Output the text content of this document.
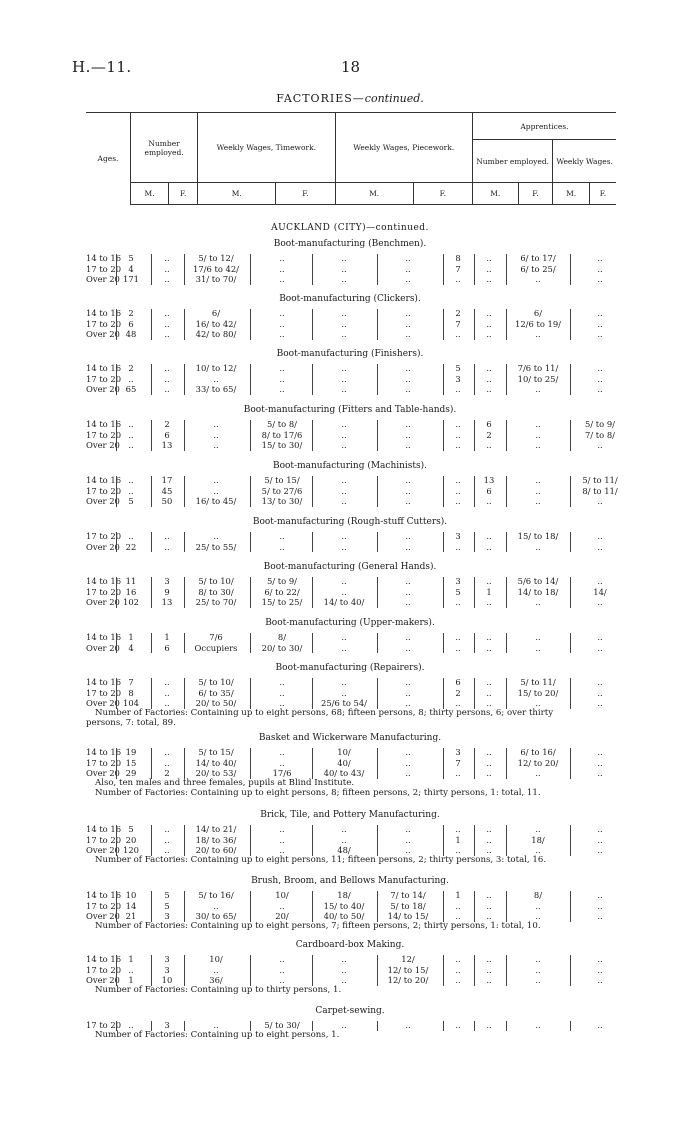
H.—11.	18
FACTORIES—continued.
Ages.	Number employed.		Weekly Wages, Timework.		Weekly Wages, Piecework.		Apprentices.			
							Number employed.		Weekly Wages.	
	M.	F.	M.	F.	M.	F.	M.	F.	M.	F.
AUCKLAND (CITY)—continued.
Boot-manufacturing (Benchmen).
14 to 16 5	..	5/ to 12/	..	..	..	8	..	6/ to 17/	..
17 to 20 4	..	17/6 to 42/	..	..	..	7	..	6/ to 25/	..
Over 20 171	..	31/ to 70/	..	..	..	..	..	..	..
Boot-manufacturing (Clickers).
14 to 16 2	..	6/	..	..	..	2	..	6/	..
17 to 20 6	..	16/ to 42/	..	..	..	7	..	12/6 to 19/	..
Over 20 48	..	42/ to 80/	..	..	..	..	..	..	..
Boot-manufacturing (Finishers).
14 to 16 2	..	10/ to 12/	..	..	..	5	..	7/6 to 11/	..
17 to 20 ..	..	..	..	..	..	3	..	10/ to 25/	..
Over 20 65	..	33/ to 65/	..	..	..	..	..	..	..
Boot-manufacturing (Fitters and Table-hands).
14 to 16 ..	2	..	5/ to 8/	..	..	..	6	..	5/ to 9/
17 to 20 ..	6	..	8/ to 17/6	..	..	..	2	..	7/ to 8/
Over 20	..	13	..	15/ to 30/	..	..	..	..	..	..
Boot-manufacturing (Machinists).
14 to 16 ..	17	..	5/ to 15/	..	..	..	13	..	5/ to 11/
17 to 20 ..	45	..	5/ to 27/6	..	..	..	6	..	8/ to 11/
Over 20	5	50	16/ to 45/	13/ to 30/	..	..	..	..	..	..
Boot-manufacturing (Rough-stuff Cutters).
17 to 20 ..	..	..	..	..	..	3	..	15/ to 18/	..
Over 20 22	..	25/ to 55/	..	..	..	..	..	..	..
Boot-manufacturing (General Hands).
14 to 16 11	3	5/ to 10/	5/ to 9/	..	..	3	..	5/6 to 14/	..
17 to 20 16	9	8/ to 30/	6/ to 22/	..	..	5	1	14/ to 18/	14/
Over 20 102	13	25/ to 70/	15/ to 25/	14/ to 40/	..	..	..	..	..
Boot-manufacturing (Upper-makers).
14 to 16 1	1	7/6	8/	..	..	..	..	..	..
Over 20	4	6	Occupiers	20/ to 30/	..	..	..	..	..	..
Boot-manufacturing (Repairers).
14 to 16 7	..	5/ to 10/	..	..	..	6	..	5/ to 11/	..
17 to 20 8	..	6/ to 35/	..	..	..	2	..	15/ to 20/	..
Over 20 104	..	20/ to 50/	..	25/6 to 54/	..	..	..	..	..
Number of Factories: Containing up to eight persons, 68; fifteen persons, 8; thirty persons, 6; over thirty
persons, 7: total, 89.
Basket and Wickerware Manufacturing.
14 to 16 19	..	5/ to 15/	..	10/	..	3	..	6/ to 16/	..
17 to 20 15	..	14/ to 40/	..	40/	..	7	..	12/ to 20/	..
Over 20 29	2	20/ to 53/	17/6	40/ to 43/	..	..	..	..	..
Also, ten males and three females, pupils at Blind Institute.
Number of Factories: Containing up to eight persons, 8; fifteen persons, 2; thirty persons, 1: total, 11.
Brick, Tile, and Pottery Manufacturing.
14 to 16 5	..	14/ to 21/	..	..	..	..	..	..	..
17 to 20 20	..	18/ to 36/	..	..	..	1	..	18/	..
Over 20 120	..	20/ to 60/	..	48/	..	..	..	..	..
Number of Factories: Containing up to eight persons, 11; fifteen persons, 2; thirty persons, 3: total, 16.
Brush, Broom, and Bellows Manufacturing.
14 to 16 10	5	5/ to 16/	10/	18/	7/ to 14/	1	..	8/	..
17 to 20 14	5	..	..	15/ to 40/	5/ to 18/	..	..	..	..
Over 20 21	3	30/ to 65/	20/	40/ to 50/	14/ to 15/	..	..	..	..
Number of Factories: Containing up to eight persons, 7; fifteen persons, 2; thirty persons, 1: total, 10.
Cardboard-box Making.
14 to 16 1	3	10/	..	..	12/	..	..	..	..
17 to 20 ..	3	..	..	..	12/ to 15/	..	..	..	..
Over 20	1	10	36/	..	..	12/ to 20/	..	..	..	..
Number of Factories: Containing up to thirty persons, 1.
Carpet-sewing.
17 to 20 ..	3	..	5/ to 30/	..	..	..	..	..	..
Number of Factories: Containing up to eight persons, 1.
